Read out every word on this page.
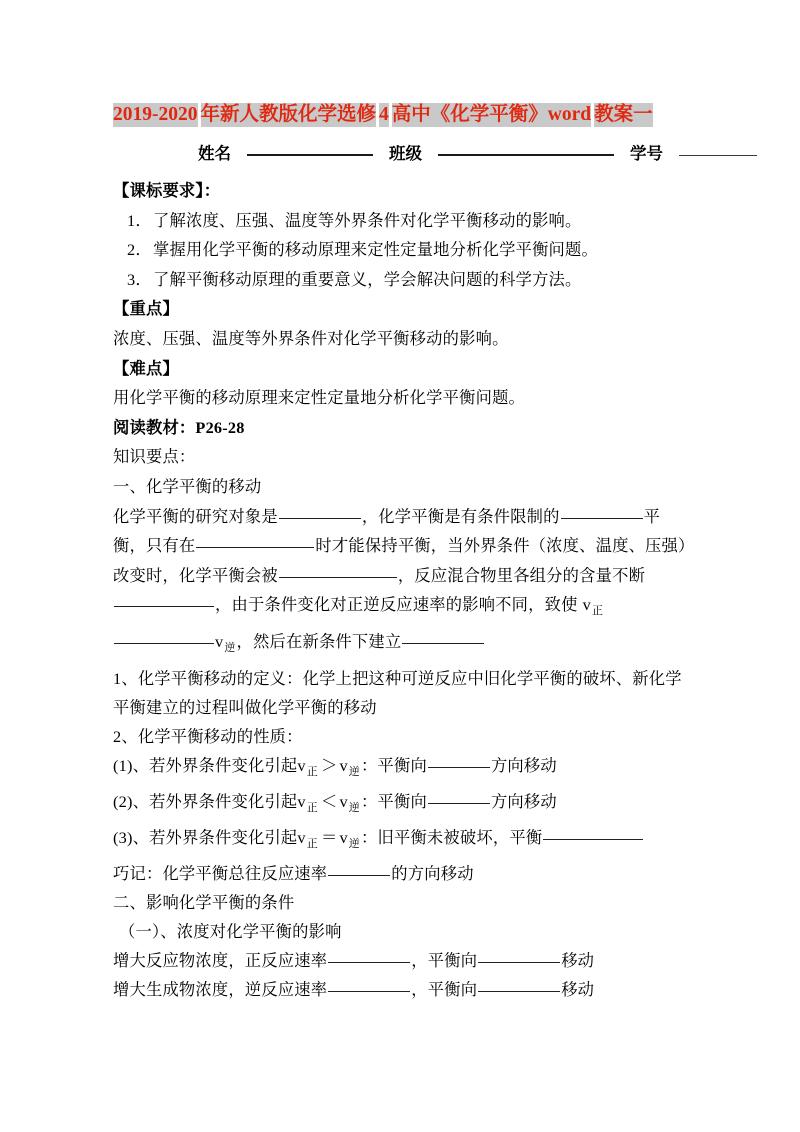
2019-2020 年新人教版化学选修 4 高中《化学平衡》word 教案一
姓名	班级	学号
【课标要求】：
1．了解浓度、压强、温度等外界条件对化学平衡移动的影响。
2．掌握用化学平衡的移动原理来定性定量地分析化学平衡问题。
3．了解平衡移动原理的重要意义，学会解决问题的科学方法。
【重点】
浓度、压强、温度等外界条件对化学平衡移动的影响。
【难点】
用化学平衡的移动原理来定性定量地分析化学平衡问题。
阅读教材：P26-28
知识要点：
一、化学平衡的移动
化学平衡的研究对象是	，化学平衡是有条件限制的	平
衡，只有在	时才能保持平衡，当外界条件（浓度、温度、压强）
改变时，化学平衡会被	，反应混合物里各组分的含量不断
，由于条件变化对正逆反应速率的影响不同，致使 $v_正$
$v_逆$，然后在新条件下建立
1、化学平衡移动的定义：化学上把这种可逆反应中旧化学平衡的破坏、新化学
平衡建立的过程叫做化学平衡的移动
2、化学平衡移动的性质：
(1)、若外界条件变化引起$v_正 > v_逆$：平衡向	方向移动
(2)、若外界条件变化引起$v_正 < v_逆$：平衡向	方向移动
(3)、若外界条件变化引起$v_正 = v_逆$：旧平衡未被破坏，平衡
巧记：化学平衡总往反应速率	的方向移动
二、影响化学平衡的条件
（一）、浓度对化学平衡的影响
增大反应物浓度，正反应速率	，平衡向	移动
增大生成物浓度，逆反应速率	，平衡向	移动
